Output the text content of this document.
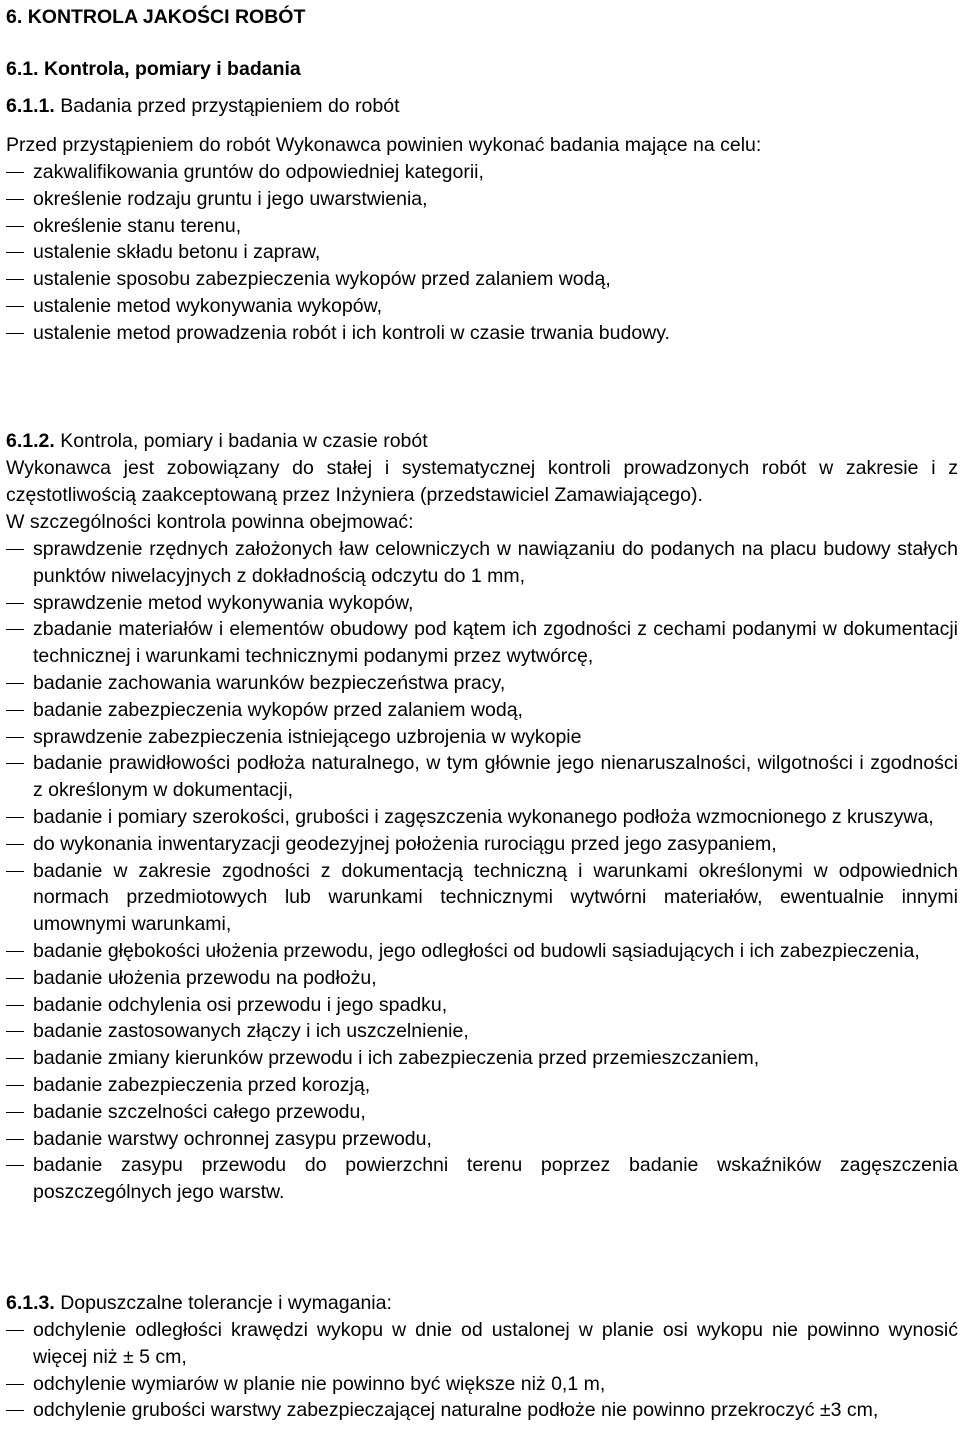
6. KONTROLA JAKOŚCI ROBÓT
6.1. Kontrola, pomiary i badania
6.1.1. Badania przed przystąpieniem do robót
Przed przystąpieniem do robót Wykonawca powinien wykonać badania mające na celu:
zakwalifikowania gruntów do odpowiedniej kategorii,
określenie rodzaju gruntu i jego uwarstwienia,
określenie stanu terenu,
ustalenie składu betonu i zapraw,
ustalenie sposobu zabezpieczenia wykopów przed zalaniem wodą,
ustalenie metod wykonywania wykopów,
ustalenie metod prowadzenia robót i ich kontroli w czasie trwania budowy.
6.1.2. Kontrola, pomiary i badania w czasie robót
Wykonawca jest zobowiązany do stałej i systematycznej kontroli prowadzonych robót w zakresie i z częstotliwością zaakceptowaną przez Inżyniera (przedstawiciel Zamawiającego).
W szczególności kontrola powinna obejmować:
sprawdzenie rzędnych założonych ław celowniczych w nawiązaniu do podanych na placu budowy stałych punktów niwelacyjnych z dokładnością odczytu do 1 mm,
sprawdzenie metod wykonywania wykopów,
zbadanie materiałów i elementów obudowy pod kątem ich zgodności z cechami podanymi w dokumentacji technicznej i warunkami technicznymi podanymi przez wytwórcę,
badanie zachowania warunków bezpieczeństwa pracy,
badanie zabezpieczenia wykopów przed zalaniem wodą,
sprawdzenie zabezpieczenia istniejącego uzbrojenia w wykopie
badanie prawidłowości podłoża naturalnego, w tym głównie jego nienaruszalności, wilgotności i zgodności z określonym w dokumentacji,
badanie i pomiary szerokości, grubości i zagęszczenia wykonanego podłoża wzmocnionego z kruszywa,
do wykonania inwentaryzacji geodezyjnej położenia rurociągu przed jego zasypaniem,
badanie w zakresie zgodności z dokumentacją techniczną i warunkami określonymi w odpowiednich normach przedmiotowych lub warunkami technicznymi wytwórni materiałów, ewentualnie innymi umownymi warunkami,
badanie głębokości ułożenia przewodu, jego odległości od budowli sąsiadujących i ich zabezpieczenia,
badanie ułożenia przewodu na podłożu,
badanie odchylenia osi przewodu i jego spadku,
badanie zastosowanych złączy i ich uszczelnienie,
badanie zmiany kierunków przewodu i ich zabezpieczenia przed przemieszczaniem,
badanie zabezpieczenia przed korozją,
badanie szczelności całego przewodu,
badanie warstwy ochronnej zasypu przewodu,
badanie zasypu przewodu do powierzchni terenu poprzez badanie wskaźników zagęszczenia poszczególnych jego warstw.
6.1.3. Dopuszczalne tolerancje i wymagania:
odchylenie odległości krawędzi wykopu w dnie od ustalonej w planie osi wykopu nie powinno wynosić więcej niż ± 5 cm,
odchylenie wymiarów w planie nie powinno być większe niż 0,1 m,
odchylenie grubości warstwy zabezpieczającej naturalne podłoże nie powinno przekroczyć ±3 cm,
